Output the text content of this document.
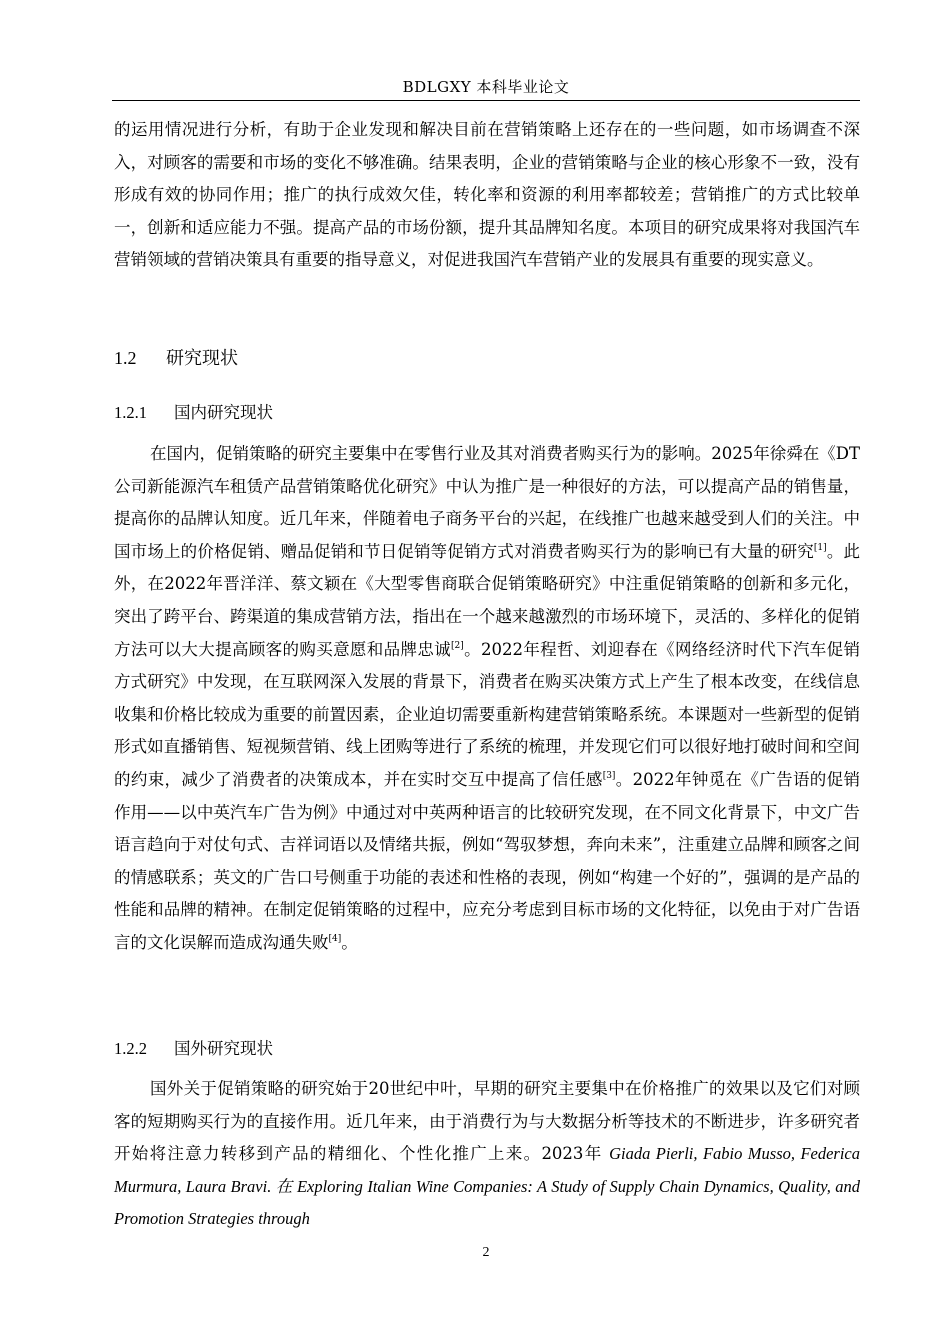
BDLGXY 本科毕业论文

的运用情况进行分析，有助于企业发现和解决目前在营销策略上还存在的一些问题，如市场调查不深入，对顾客的需要和市场的变化不够准确。结果表明，企业的营销策略与企业的核心形象不一致，没有形成有效的协同作用；推广的执行成效欠佳，转化率和资源的利用率都较差；营销推广的方式比较单一，创新和适应能力不强。提高产品的市场份额，提升其品牌知名度。本项目的研究成果将对我国汽车营销领域的营销决策具有重要的指导意义，对促进我国汽车营销产业的发展具有重要的现实意义。

1.2 研究现状
1.2.1 国内研究现状

在国内，促销策略的研究主要集中在零售行业及其对消费者购买行为的影响。2025年徐舜在《DT公司新能源汽车租赁产品营销策略优化研究》中认为推广是一种很好的方法，可以提高产品的销售量，提高你的品牌认知度。近几年来，伴随着电子商务平台的兴起，在线推广也越来越受到人们的关注。中国市场上的价格促销、赠品促销和节日促销等促销方式对消费者购买行为的影响已有大量的研究[1]。此外，在2022年晋洋洋、蔡文颖在《大型零售商联合促销策略研究》中注重促销策略的创新和多元化，突出了跨平台、跨渠道的集成营销方法，指出在一个越来越激烈的市场环境下，灵活的、多样化的促销方法可以大大提高顾客的购买意愿和品牌忠诚[2]。2022年程哲、刘迎春在《网络经济时代下汽车促销方式研究》中发现，在互联网深入发展的背景下，消费者在购买决策方式上产生了根本改变，在线信息收集和价格比较成为重要的前置因素，企业迫切需要重新构建营销策略系统。本课题对一些新型的促销形式如直播销售、短视频营销、线上团购等进行了系统的梳理，并发现它们可以很好地打破时间和空间的约束，减少了消费者的决策成本，并在实时交互中提高了信任感[3]。2022年钟觅在《广告语的促销作用——以中英汽车广告为例》中通过对中英两种语言的比较研究发现，在不同文化背景下，中文广告语言趋向于对仗句式、吉祥词语以及情绪共振，例如“驾驭梦想，奔向未来”，注重建立品牌和顾客之间的情感联系；英文的广告口号侧重于功能的表述和性格的表现，例如“构建一个好的”，强调的是产品的性能和品牌的精神。在制定促销策略的过程中，应充分考虑到目标市场的文化特征，以免由于对广告语言的文化误解而造成沟通失败[4]。

1.2.2 国外研究现状

国外关于促销策略的研究始于20世纪中叶，早期的研究主要集中在价格推广的效果以及它们对顾客的短期购买行为的直接作用。近几年来，由于消费行为与大数据分析等技术的不断进步，许多研究者开始将注意力转移到产品的精细化、个性化推广上来。2023年 Giada Pierli, Fabio Musso, Federica Murmura, Laura Bravi. 在 Exploring Italian Wine Companies: A Study of Supply Chain Dynamics, Quality, and Promotion Strategies through

2
